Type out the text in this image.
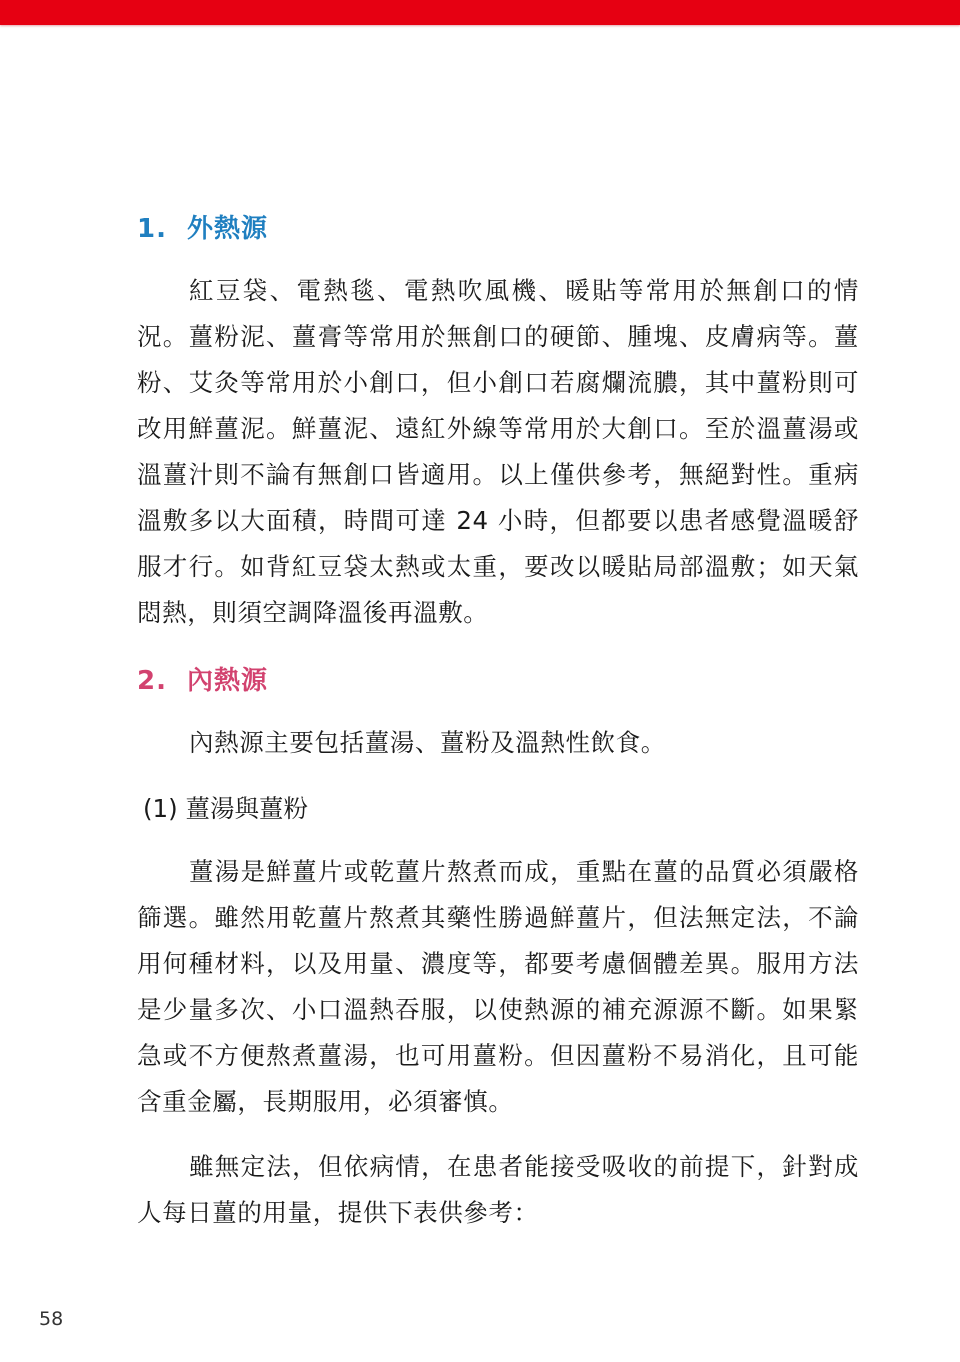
1. 外熱源

紅豆袋、電熱毯、電熱吹風機、暖貼等常用於無創口的情況。薑粉泥、薑膏等常用於無創口的硬節、腫塊、皮膚病等。薑粉、艾灸等常用於小創口，但小創口若腐爛流膿，其中薑粉則可改用鮮薑泥。鮮薑泥、遠紅外線等常用於大創口。至於溫薑湯或溫薑汁則不論有無創口皆適用。以上僅供參考，無絕對性。重病溫敷多以大面積，時間可達 24 小時，但都要以患者感覺溫暖舒服才行。如背紅豆袋太熱或太重，要改以暖貼局部溫敷；如天氣悶熱，則須空調降溫後再溫敷。

2. 內熱源

內熱源主要包括薑湯、薑粉及溫熱性飲食。

(1) 薑湯與薑粉

薑湯是鮮薑片或乾薑片熬煮而成，重點在薑的品質必須嚴格篩選。雖然用乾薑片熬煮其藥性勝過鮮薑片，但法無定法，不論用何種材料，以及用量、濃度等，都要考慮個體差異。服用方法是少量多次、小口溫熱吞服，以使熱源的補充源源不斷。如果緊急或不方便熬煮薑湯，也可用薑粉。但因薑粉不易消化，且可能含重金屬，長期服用，必須審慎。

雖無定法，但依病情，在患者能接受吸收的前提下，針對成人每日薑的用量，提供下表供參考：

58
